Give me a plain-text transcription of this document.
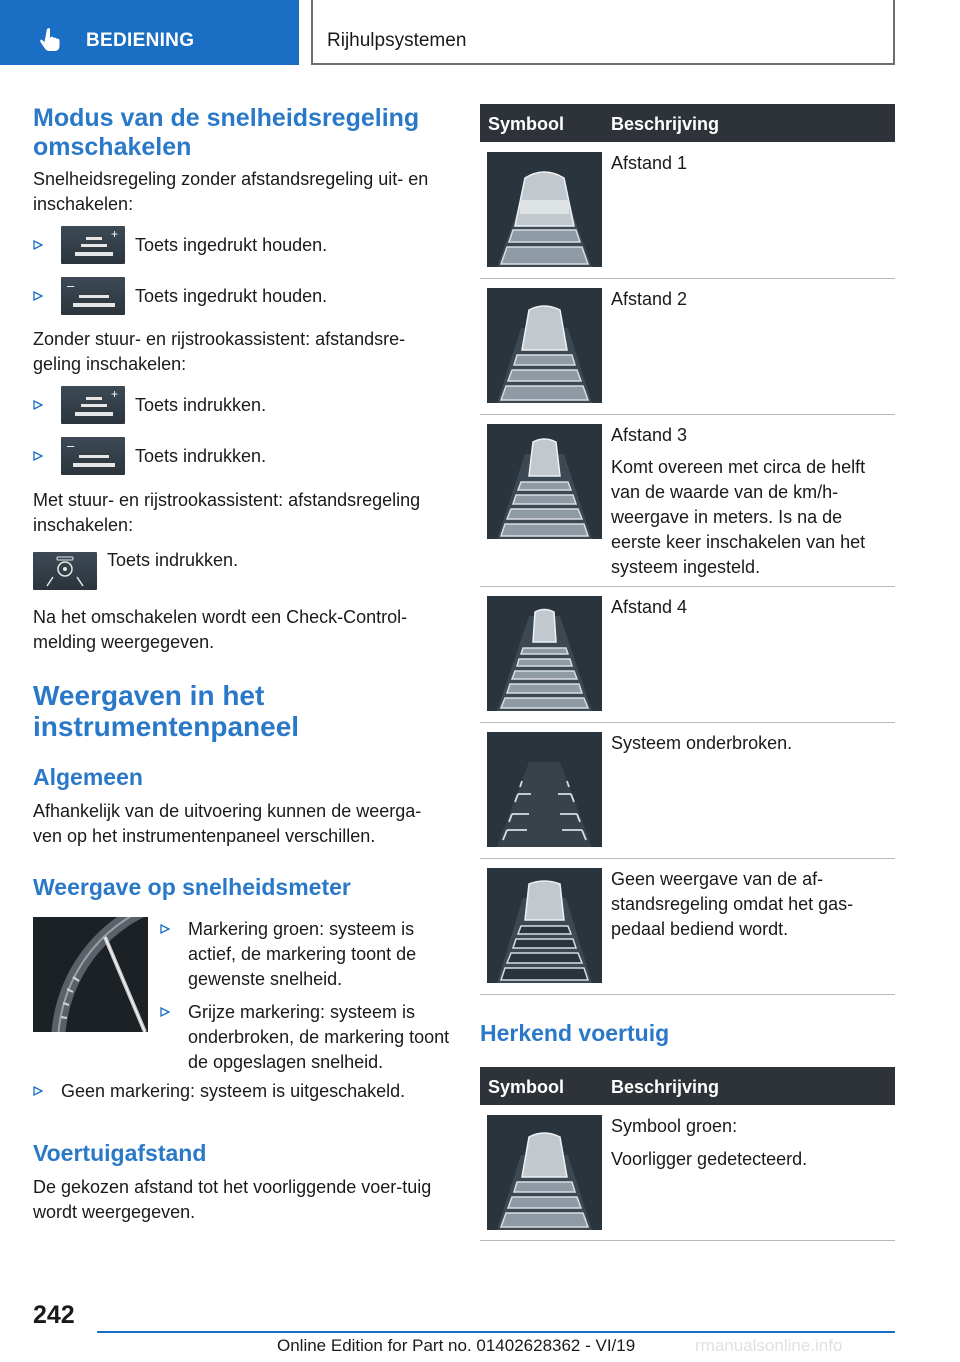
BEDIENING	Rijhulpsystemen
Modus van de snelheidsregeling omschakelen
Snelheidsregeling zonder afstandsregeling uit- en inschakelen:
+
Toets ingedrukt houden.
–	Toets ingedrukt houden.
Zonder stuur- en rijstrookassistent: afstandsre-geling inschakelen:
+
Toets indrukken.
–	Toets indrukken.
Met stuur- en rijstrookassistent: afstandsregeling inschakelen:
Toets indrukken.
Na het omschakelen wordt een Check-Control-melding weergegeven.
Weergaven in het instrumentenpaneel
Algemeen
Afhankelijk van de uitvoering kunnen de weerga-ven op het instrumentenpaneel verschillen.
Weergave op snelheidsmeter
Markering groen: systeem is actief, de markering toont de gewenste snelheid.
Grijze markering: systeem is onderbroken, de markering toont de opgeslagen snelheid.
Geen markering: systeem is uitgeschakeld.
Voertuigafstand
De gekozen afstand tot het voorliggende voer-tuig wordt weergegeven.
Symbool	Beschrijving
Afstand 1
Afstand 2
Afstand 3
Komt overeen met circa de helft van de waarde van de km/h-weergave in meters. Is na de eerste keer inschakelen van het systeem ingesteld.
Afstand 4
Systeem onderbroken.
Geen weergave van de af-standsregeling omdat het gas-pedaal bediend wordt.
Herkend voertuig
Symbool	Beschrijving
Symbool groen:
Voorligger gedetecteerd.
242
Online Edition for Part no. 01402628362 - VI/19	rmanualsonline.info
